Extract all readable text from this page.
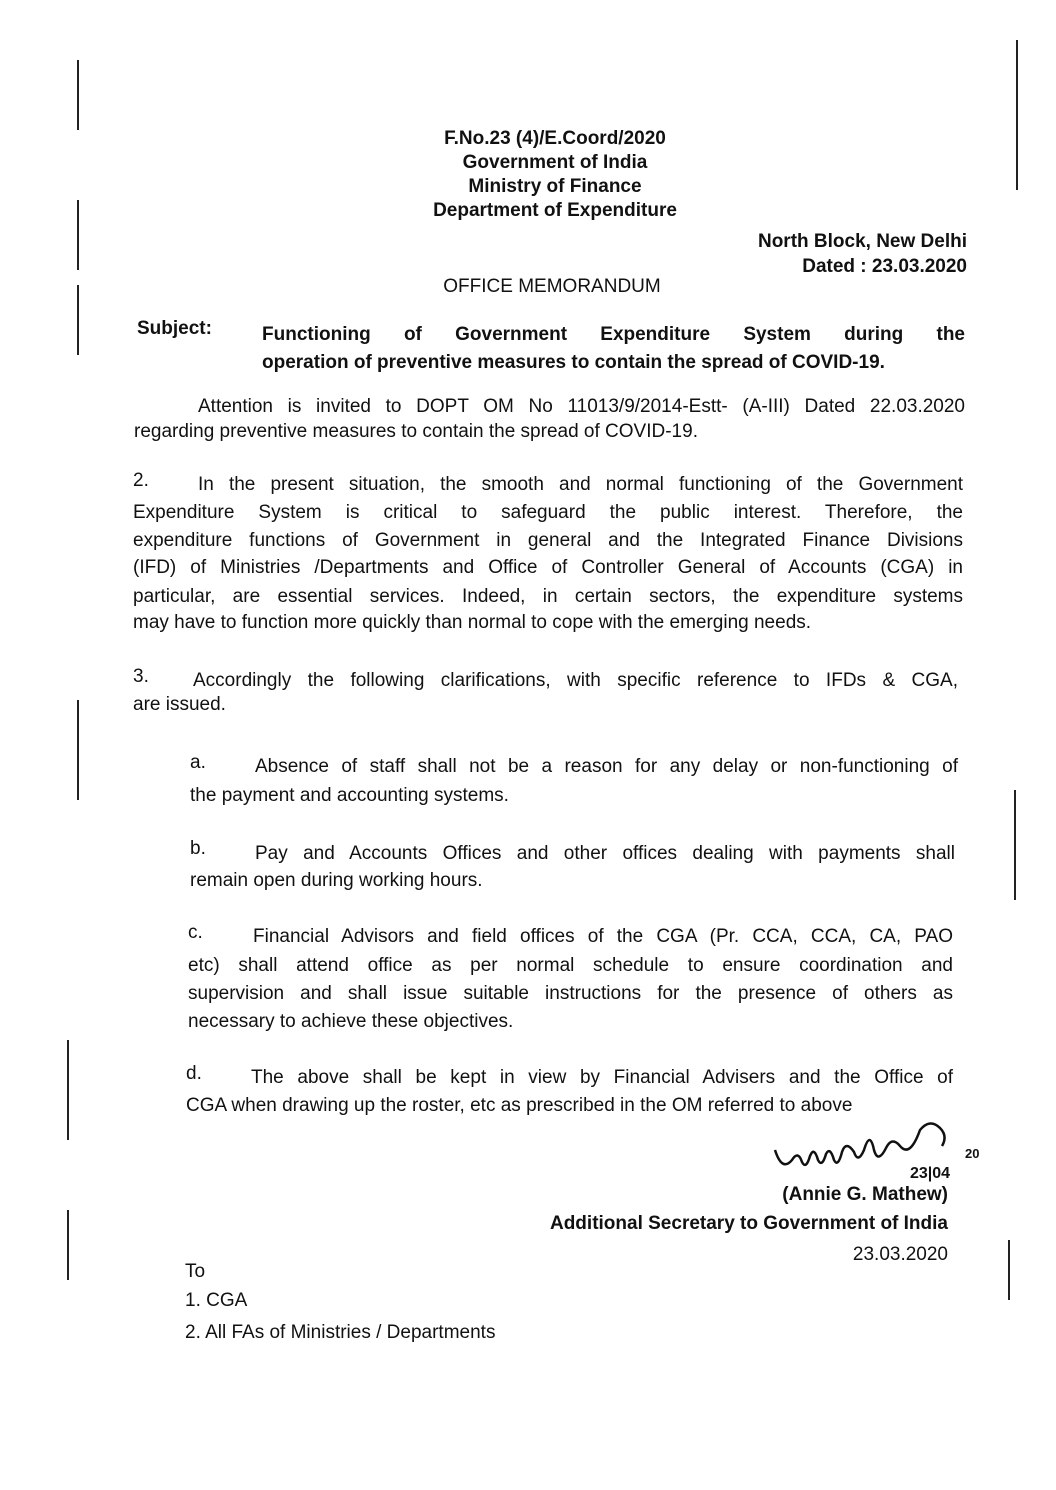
F.No.23 (4)/E.Coord/2020
Government of India
Ministry of Finance
Department of Expenditure
North Block, New Delhi
Dated : 23.03.2020
OFFICE MEMORANDUM
Subject:	Functioning of Government Expenditure System during the
operation of preventive measures to contain the spread of COVID-19.
Attention is invited to DOPT OM No 11013/9/2014-Estt- (A-III) Dated 22.03.2020
regarding preventive measures to contain the spread of COVID-19.
2.	In the present situation, the smooth and normal functioning of the Government
Expenditure System is critical to safeguard the public interest. Therefore, the
expenditure functions of Government in general and the Integrated Finance Divisions
(IFD) of Ministries /Departments and Office of Controller General of Accounts (CGA) in
particular, are essential services. Indeed, in certain sectors, the expenditure systems
may have to function more quickly than normal to cope with the emerging needs.
3. Accordingly the following clarifications, with specific reference to IFDs & CGA,
are issued.
a.	Absence of staff shall not be a reason for any delay or non-functioning of
the payment and accounting systems.
b.	Pay and Accounts Offices and other offices dealing with payments shall
remain open during working hours.
c.	Financial Advisors and field offices of the CGA (Pr. CCA, CCA, CA, PAO
etc) shall attend office as per normal schedule to ensure coordination and
supervision and shall issue suitable instructions for the presence of others as
necessary to achieve these objectives.
d.	The above shall be kept in view by Financial Advisers and the Office of
CGA when drawing up the roster, etc as prescribed in the OM referred to above
23|04
20
(Annie G. Mathew)
Additional Secretary to Government of India
23.03.2020
To
1. CGA
2. All FAs of Ministries / Departments
